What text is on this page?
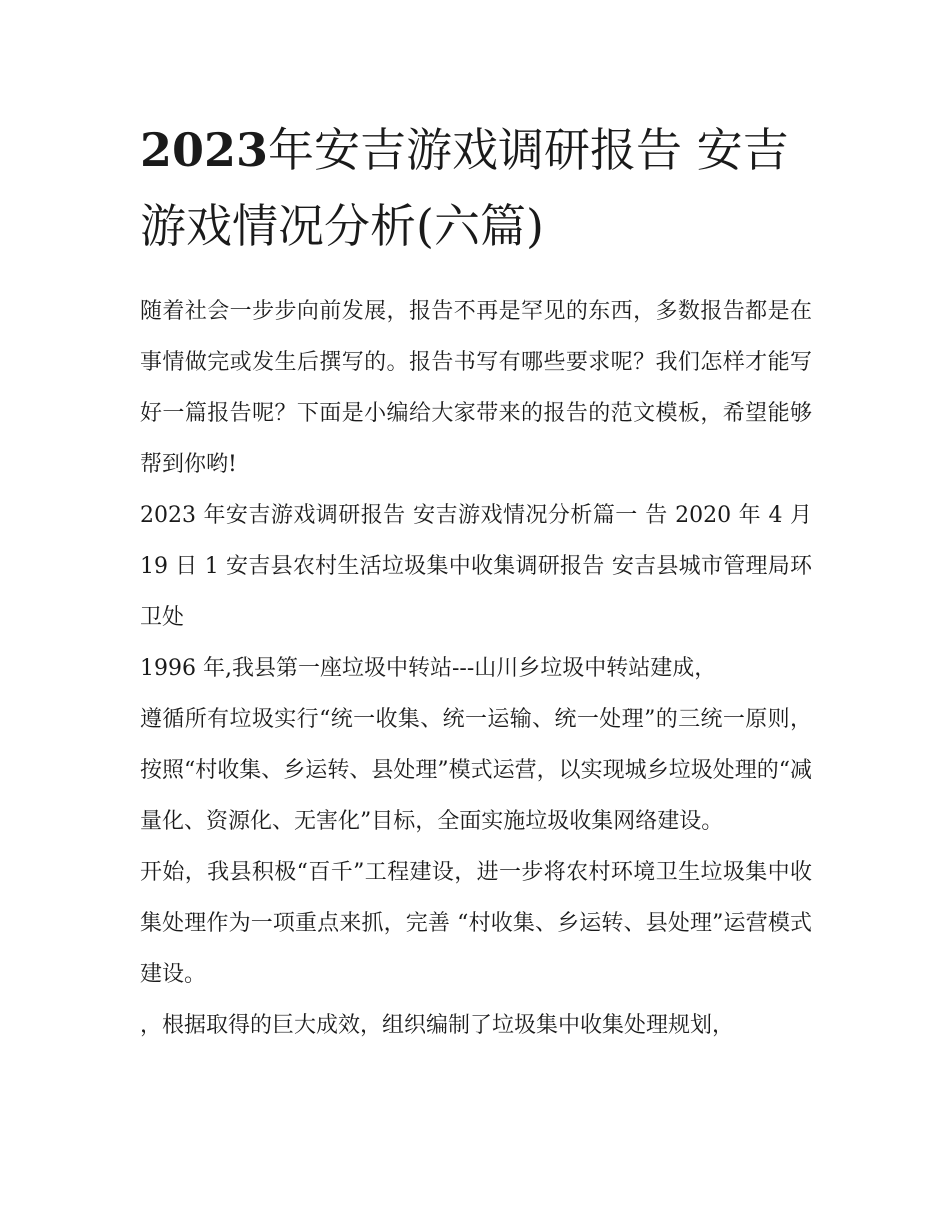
2023年安吉游戏调研报告 安吉游戏情况分析(六篇)

随着社会一步步向前发展，报告不再是罕见的东西，多数报告都是在事情做完或发生后撰写的。报告书写有哪些要求呢？我们怎样才能写好一篇报告呢？下面是小编给大家带来的报告的范文模板，希望能够帮到你哟!

2023 年安吉游戏调研报告 安吉游戏情况分析篇一 告 2020 年 4 月 19 日 1 安吉县农村生活垃圾集中收集调研报告 安吉县城市管理局环卫处

1996 年,我县第一座垃圾中转站---山川乡垃圾中转站建成，

遵循所有垃圾实行“统一收集、统一运输、统一处理”的三统一原则，按照“村收集、乡运转、县处理”模式运营，以实现城乡垃圾处理的“减量化、资源化、无害化”目标，全面实施垃圾收集网络建设。

开始，我县积极“百千”工程建设，进一步将农村环境卫生垃圾集中收集处理作为一项重点来抓，完善 “村收集、乡运转、县处理”运营模式建设。

，根据取得的巨大成效，组织编制了垃圾集中收集处理规划，
